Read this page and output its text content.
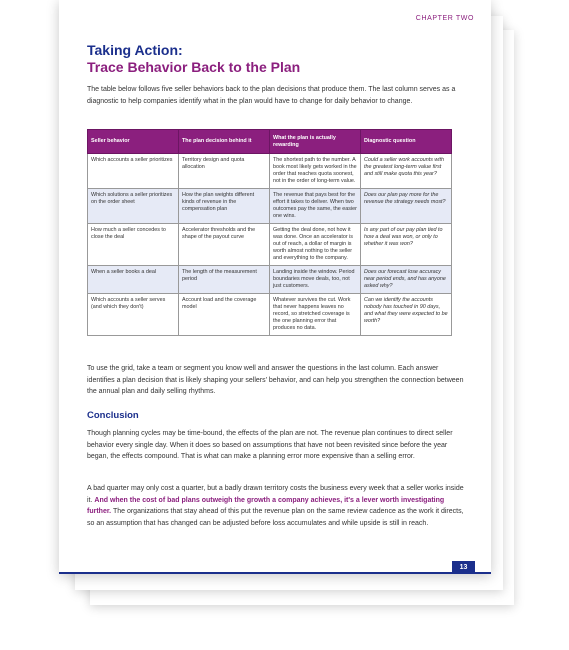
CHAPTER TWO
Taking Action:
Trace Behavior Back to the Plan
The table below follows five seller behaviors back to the plan decisions that produce them. The last column serves as a diagnostic to help companies identify what in the plan would have to change for daily behavior to change.
Seller behavior	The plan decision behind it	What the plan is actually rewarding	Diagnostic question
Which accounts a seller prioritizes	Territory design and quota allocation	The shortest path to the number. A book most likely gets worked in the order that reaches quota soonest, not in the order of long-term value.	Could a seller work accounts with the greatest long-term value first and still make quota this year?
Which solutions a seller prioritizes on the order sheet	How the plan weights different kinds of revenue in the compensation plan	The revenue that pays best for the effort it takes to deliver. When two outcomes pay the same, the easier one wins.	Does our plan pay more for the revenue the strategy needs most?
How much a seller concedes to close the deal	Accelerator thresholds and the shape of the payout curve	Getting the deal done, not how it was done. Once an accelerator is out of reach, a dollar of margin is worth almost nothing to the seller and everything to the company.	Is any part of our pay plan tied to how a deal was won, or only to whether it was won?
When a seller books a deal	The length of the measurement period	Landing inside the window. Period boundaries move deals, too, not just customers.	Does our forecast lose accuracy near period ends, and has anyone asked why?
Which accounts a seller serves (and which they don't)	Account load and the coverage model	Whatever survives the cut. Work that never happens leaves no record, so stretched coverage is the one planning error that produces no data.	Can we identify the accounts nobody has touched in 90 days, and what they were expected to be worth?
To use the grid, take a team or segment you know well and answer the questions in the last column. Each answer identifies a plan decision that is likely shaping your sellers' behavior, and can help you strengthen the connection between the annual plan and daily selling rhythms.
Conclusion
Though planning cycles may be time-bound, the effects of the plan are not. The revenue plan continues to direct seller behavior every single day. When it does so based on assumptions that have not been revisited since before the year began, the effects compound. That is what can make a planning error more expensive than a selling error.
A bad quarter may only cost a quarter, but a badly drawn territory costs the business every week that a seller works inside it. And when the cost of bad plans outweigh the growth a company achieves, it's a lever worth investigating further. The organizations that stay ahead of this put the revenue plan on the same review cadence as the work it directs, so an assumption that has changed can be adjusted before loss accumulates and while upside is still in reach.
13
